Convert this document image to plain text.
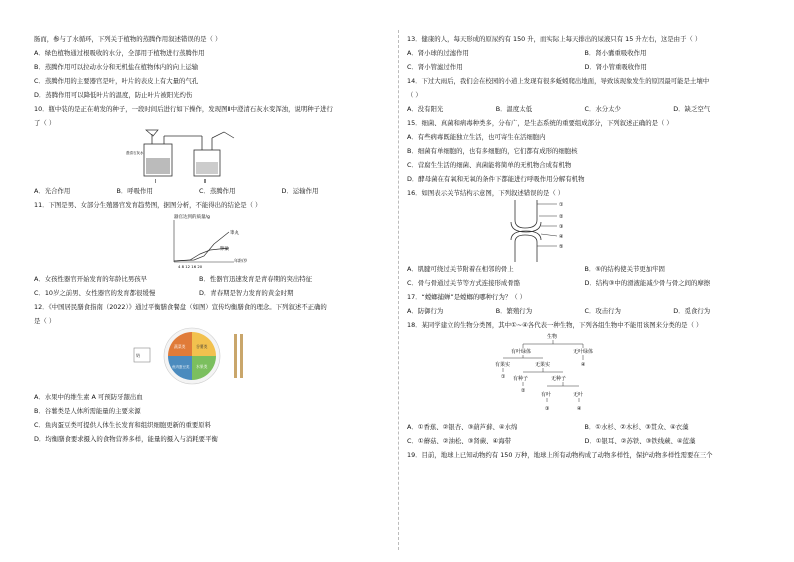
肠而，参与了水循环，下列关于植物的蒸腾作用叙述错误的是（ ）
A．绿色植物通过根吸收的水分，全部用于植物进行蒸腾作用
B．蒸腾作用可以拉动水分和无机盐在植物体内的向上运输
C．蒸腾作用的主要器官是叶，叶片的表皮上有大量的气孔
D．蒸腾作用可以降低叶片的温度，防止叶片被阳光灼伤
10．瓶中装的是正在萌发的种子，一段时间后进行如下操作，发现图Ⅱ中澄清石灰水变浑浊，说明种子进行
了（ ）
Ⅰ	Ⅱ
澄清石灰水
A．光合作用	B．呼吸作用	C．蒸腾作用	D．运输作用
11．下图是男、女部分生殖器官发育趋势图，据图分析，不能得出的结论是（ ）
器官达到的质量/g
睾丸
卵巢
年龄/岁
4 8 12 16 20
A．女孩性器官开始发育的年龄比男孩早	B．性器官迅速发育是青春期的突出特征
C．10岁之前男、女性器官的发育都很缓慢	D．青春期是智力发育的黄金时期
12．《中国居民膳食指南（2022）》通过平衡膳食餐盘（如图）宣传均衡膳食的理念。下列叙述不正确的
是（ ）
奶
蔬菜类	谷薯类
水果类
鱼肉蛋豆类
A．水果中的维生素 A 可预防牙龈出血
B．谷薯类是人体所需能量的主要来源
C．鱼肉蛋豆类可提供人体生长发育和组织细胞更新的重要原料
D．均衡膳食要求摄入的食物营养多样，能量的摄入与消耗要平衡
13．健康的人，每天形成的原尿约有 150 升，而实际上每天排出的尿液只有 15 升左右，这是由于（ ）
A．肾小球的过滤作用	B．肾小囊重吸收作用
C．肾小管滤过作用	D．肾小管重吸收作用
14．下过大雨后，我们会在校园的小道上发现有很多蚯蚓爬出地面，导致该现象发生的原因最可能是土壤中
（ ）
A．没有阳光	B．温度太低	C．水分太少	D．缺乏空气
15．细菌、真菌和病毒种类多，分布广，是生态系统的重要组成部分，下列叙述正确的是（ ）
A．有些病毒既能独立生活，也可寄生在活细胞内
B．细菌有单细胞的，也有多细胞的，它们都有成形的细胞核
C．营腐生生活的细菌、真菌能将简单的无机物合成有机物
D．酵母菌在有氧和无氧的条件下都能进行呼吸作用分解有机物
16．如图表示关节结构示意图，下列叙述错误的是（ ）
①
②
③
④
⑤
A．肌腱可绕过关节附着在相邻的骨上	B．⑤的结构使关节更加牢固
C．骨与骨通过关节等方式连接形成骨骼	D．结构③中的滑液能减少骨与骨之间的摩擦
17．“螳螂捕蝉”是螳螂的哪种行为？（ ）
A．防御行为	B．繁殖行为	C．攻击行为	D．觅食行为
18．某同学建立的生物分类图，其中①~④各代表一种生物，下列各组生物中不能用该图来分类的是（ ）
生物
有叶绿体	无叶绿体
④
有果实	无果实
① 有种子	无种子
②
有叶	无叶
③	④
A．①香蕉、②银杏、③葫芦藓、④水绵	B．①水杉、②木杉、③贯众、④衣藻
C．①蘑菇、②油松、③肾蕨、④海带	D．①银耳、②苏铁、③铁线蕨、④蓝藻
19．目前，地球上已知动物约有 150 万种，地球上所有动物构成了动物多样性，保护动物多样性需要在三个
